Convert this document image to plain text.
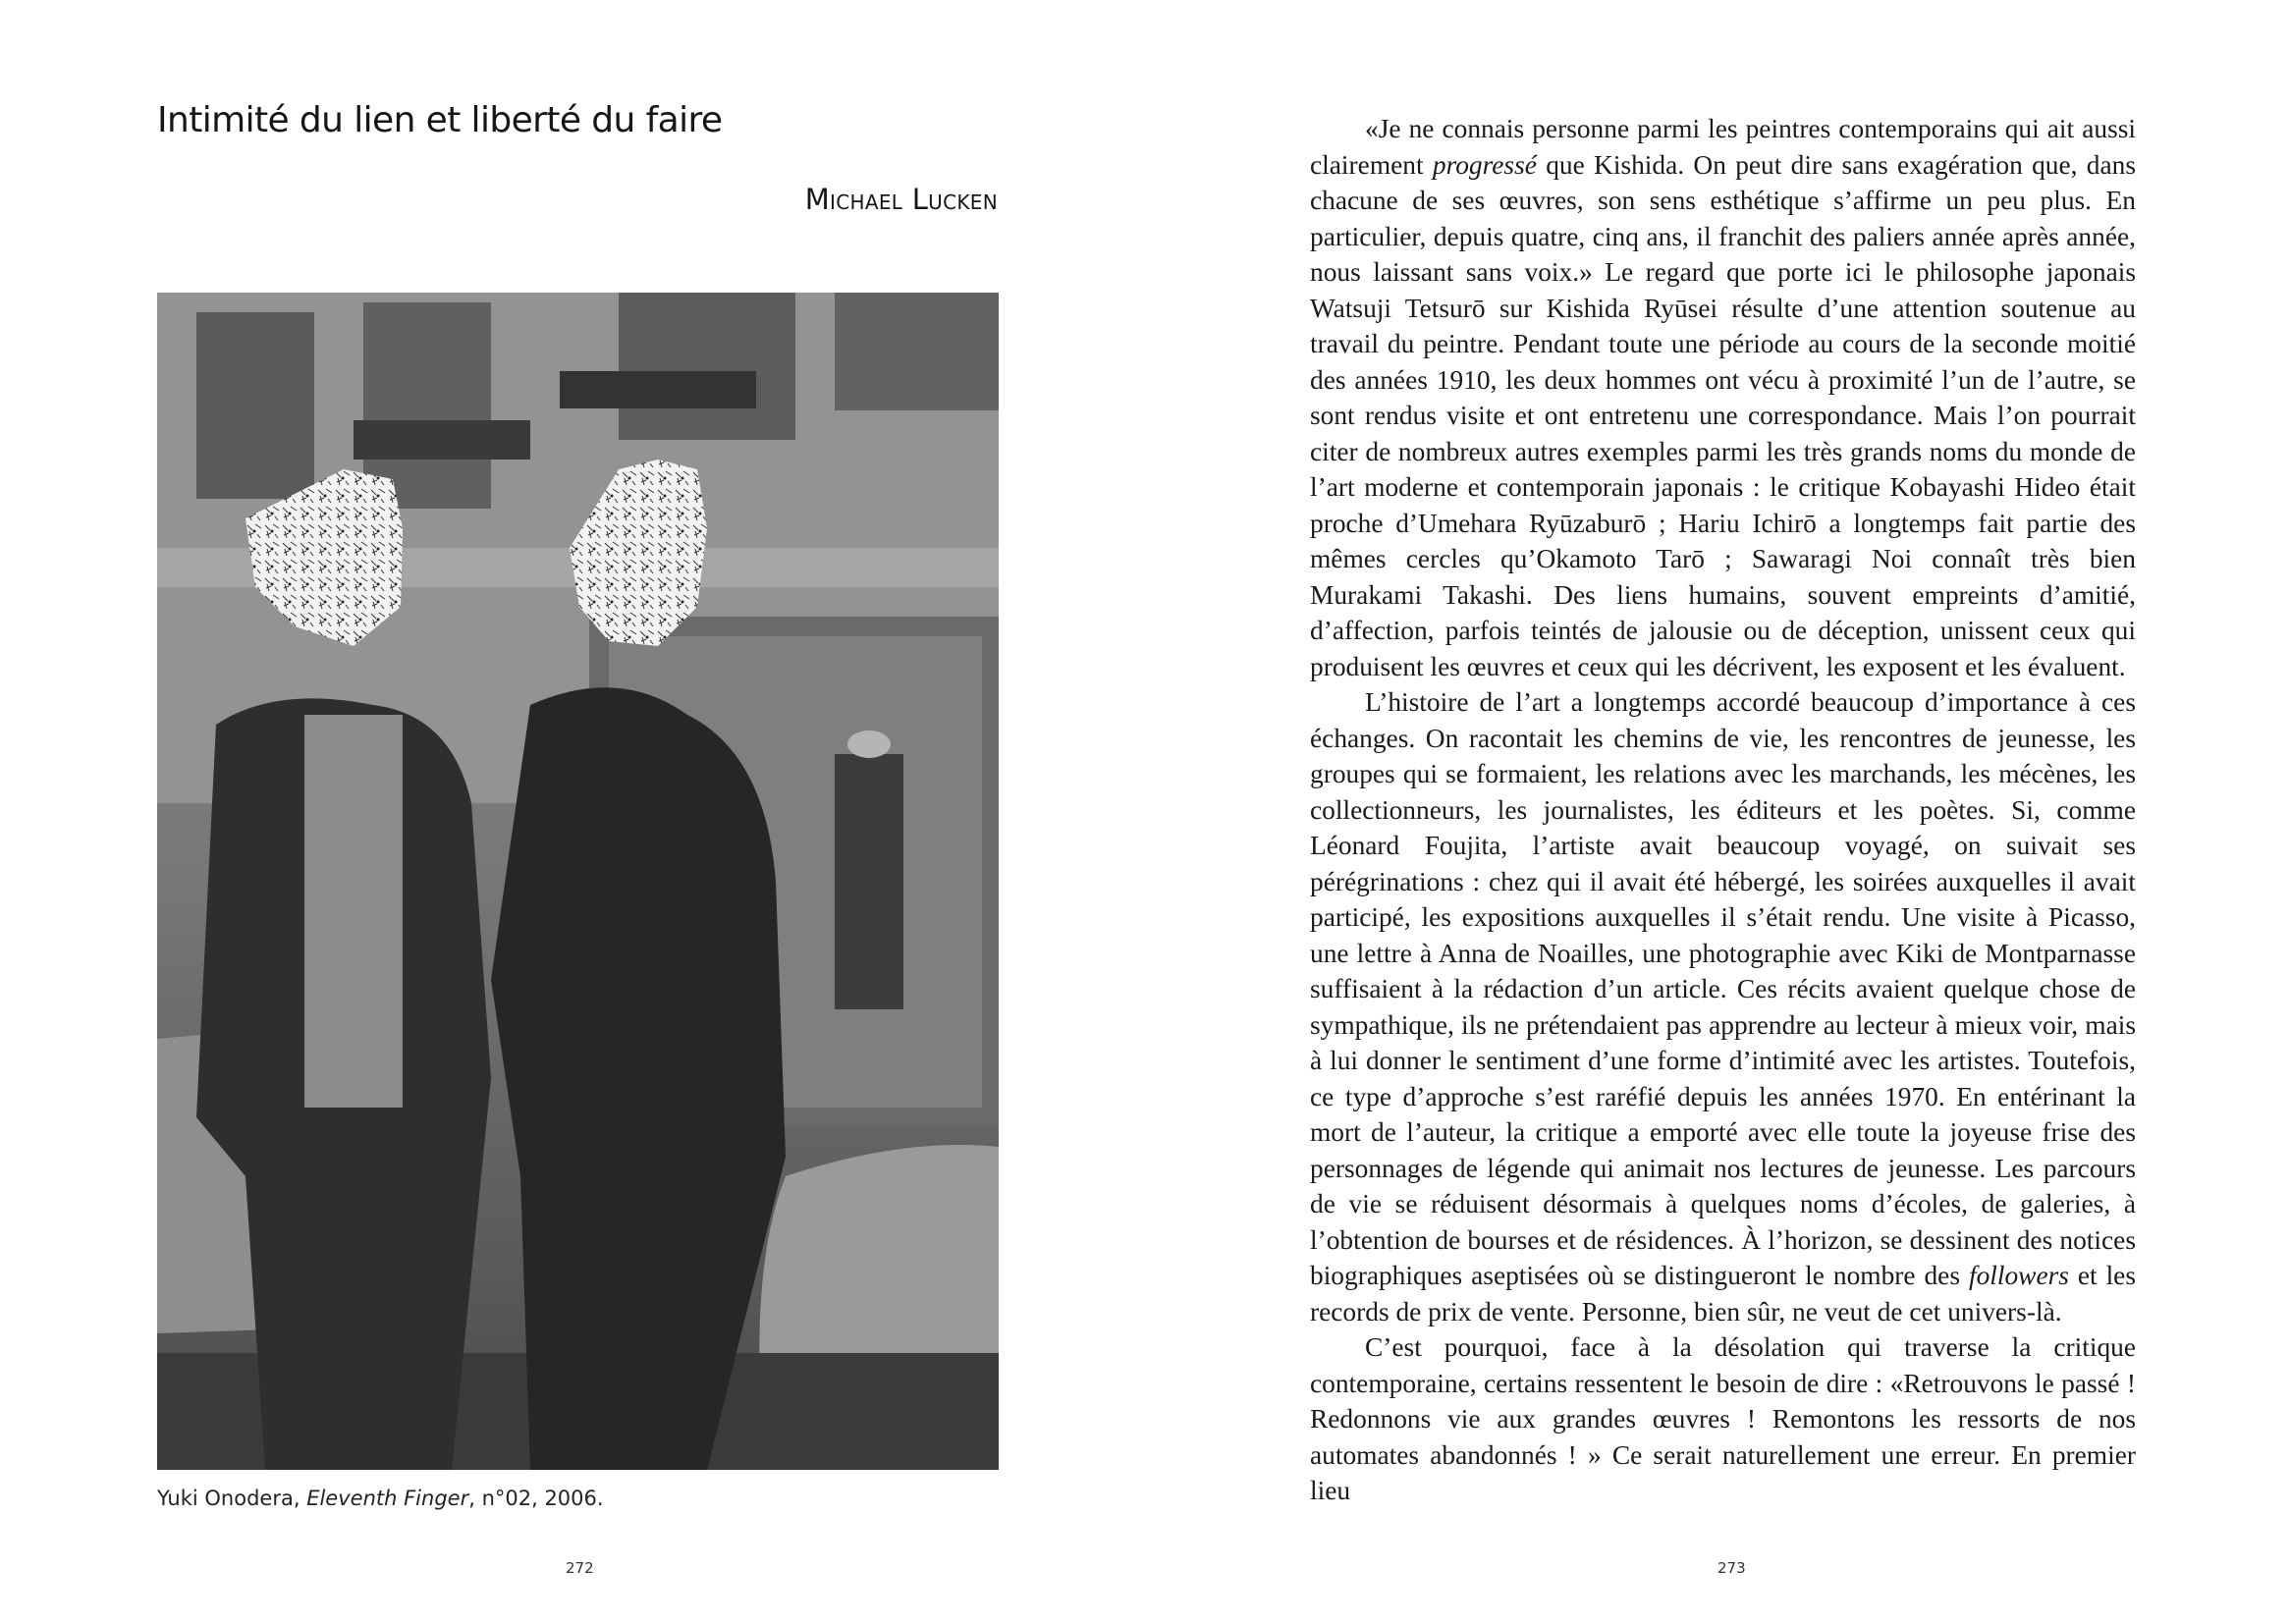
Intimité du lien et liberté du faire
Michael Lucken
Yuki Onodera, Eleventh Finger, n°02, 2006.
272

«Je ne connais personne parmi les peintres contemporains qui ait aussi clairement progressé que Kishida. On peut dire sans exagération que, dans chacune de ses œuvres, son sens esthétique s’affirme un peu plus. En particulier, depuis quatre, cinq ans, il franchit des paliers année après année, nous laissant sans voix.» Le regard que porte ici le philosophe japonais Watsuji Tetsurō sur Kishida Ryūsei résulte d’une attention soutenue au travail du peintre. Pendant toute une période au cours de la seconde moitié des années 1910, les deux hommes ont vécu à proximité l’un de l’autre, se sont rendus visite et ont entretenu une correspondance. Mais l’on pourrait citer de nombreux autres exemples parmi les très grands noms du monde de l’art moderne et contemporain japonais : le critique Kobayashi Hideo était proche d’Umehara Ryūzaburō ; Hariu Ichirō a longtemps fait partie des mêmes cercles qu’Okamoto Tarō ; Sawaragi Noi connaît très bien Murakami Takashi. Des liens humains, souvent empreints d’amitié, d’affection, parfois teintés de jalousie ou de déception, unissent ceux qui produisent les œuvres et ceux qui les décrivent, les exposent et les évaluent.

L’histoire de l’art a longtemps accordé beaucoup d’importance à ces échanges. On racontait les chemins de vie, les rencontres de jeunesse, les groupes qui se formaient, les relations avec les marchands, les mécènes, les collectionneurs, les journalistes, les éditeurs et les poètes. Si, comme Léonard Foujita, l’artiste avait beaucoup voyagé, on suivait ses pérégrinations : chez qui il avait été hébergé, les soirées auxquelles il avait participé, les expositions auxquelles il s’était rendu. Une visite à Picasso, une lettre à Anna de Noailles, une photographie avec Kiki de Montparnasse suffisaient à la rédaction d’un article. Ces récits avaient quelque chose de sympathique, ils ne prétendaient pas apprendre au lecteur à mieux voir, mais à lui donner le sentiment d’une forme d’intimité avec les artistes. Toutefois, ce type d’approche s’est raréfié depuis les années 1970. En entérinant la mort de l’auteur, la critique a emporté avec elle toute la joyeuse frise des personnages de légende qui animait nos lectures de jeunesse. Les parcours de vie se réduisent désormais à quelques noms d’écoles, de galeries, à l’obtention de bourses et de résidences. À l’horizon, se dessinent des notices biographiques aseptisées où se distingueront le nombre des followers et les records de prix de vente. Personne, bien sûr, ne veut de cet univers-là.

C’est pourquoi, face à la désolation qui traverse la critique contemporaine, certains ressentent le besoin de dire : «Retrouvons le passé ! Redonnons vie aux grandes œuvres ! Remontons les ressorts de nos automates abandonnés ! » Ce serait naturellement une erreur. En premier lieu

273
